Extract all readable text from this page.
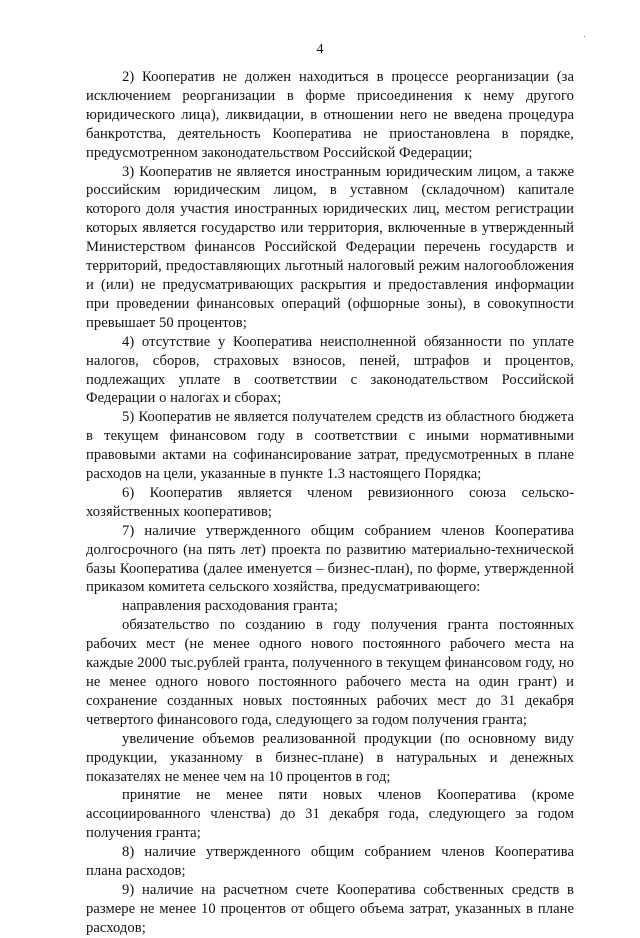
4

2) Кооператив не должен находиться в процессе реорганизации (за исключением реорганизации в форме присоединения к нему другого юридического лица), ликвидации, в отношении него не введена процедура банкротства, деятельность Кооператива не приостановлена в порядке, предусмотренном законодательством Российской Федерации;

3) Кооператив не является иностранным юридическим лицом, а также российским юридическим лицом, в уставном (складочном) капитале которого доля участия иностранных юридических лиц, местом регистрации которых является государство или территория, включенные в утвержденный Министерством финансов Российской Федерации перечень государств и территорий, предоставляющих льготный налоговый режим налогообложения и (или) не предусматривающих раскрытия и предоставления информации при проведении финансовых операций (офшорные зоны), в совокупности превышает 50 процентов;

4) отсутствие у Кооператива неисполненной обязанности по уплате налогов, сборов, страховых взносов, пеней, штрафов и процентов, подлежащих уплате в соответствии с законодательством Российской Федерации о налогах и сборах;

5) Кооператив не является получателем средств из областного бюджета в текущем финансовом году в соответствии с иными нормативными правовыми актами на софинансирование затрат, предусмотренных в плане расходов на цели, указанные в пункте 1.3 настоящего Порядка;

6) Кооператив является членом ревизионного союза сельско-хозяйственных кооперативов;

7) наличие утвержденного общим собранием членов Кооператива долгосрочного (на пять лет) проекта по развитию материально-технической базы Кооператива (далее именуется – бизнес-план), по форме, утвержденной приказом комитета сельского хозяйства, предусматривающего:

направления расходования гранта;

обязательство по созданию в году получения гранта постоянных рабочих мест (не менее одного нового постоянного рабочего места на каждые 2000 тыс.рублей гранта, полученного в текущем финансовом году, но не менее одного нового постоянного рабочего места на один грант) и сохранение созданных новых постоянных рабочих мест до 31 декабря четвертого финансового года, следующего за годом получения гранта;

увеличение объемов реализованной продукции (по основному виду продукции, указанному в бизнес-плане) в натуральных и денежных показателях не менее чем на 10 процентов в год;

принятие не менее пяти новых членов Кооператива (кроме ассоциированного членства) до 31 декабря года, следующего за годом получения гранта;

8) наличие утвержденного общим собранием членов Кооператива плана расходов;

9) наличие на расчетном счете Кооператива собственных средств в размере не менее 10 процентов от общего объема затрат, указанных в плане расходов;
